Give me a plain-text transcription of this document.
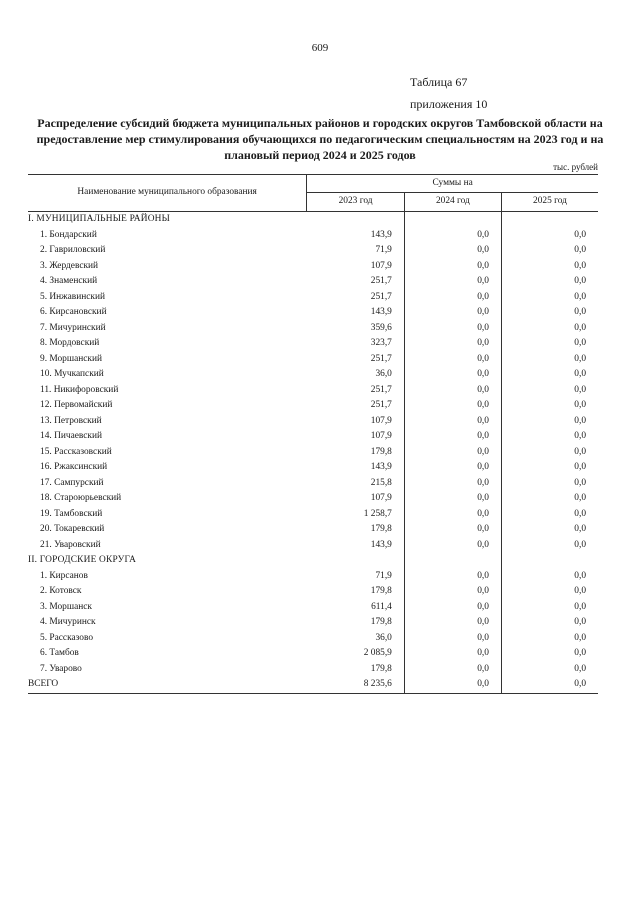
609
Таблица 67
приложения 10
Распределение субсидий бюджета муниципальных районов и городских округов Тамбовской области на предоставление мер стимулирования обучающихся по педагогическим специальностям на 2023 год и на плановый период 2024 и 2025 годов
тыс. рублей
Наименование муниципального образования	Суммы на		
	2023 год	2024 год	2025 год
I. МУНИЦИПАЛЬНЫЕ РАЙОНЫ			
1. Бондарский	143,9	0,0	0,0
2. Гавриловский	71,9	0,0	0,0
3. Жердевский	107,9	0,0	0,0
4. Знаменский	251,7	0,0	0,0
5. Инжавинский	251,7	0,0	0,0
6. Кирсановский	143,9	0,0	0,0
7. Мичуринский	359,6	0,0	0,0
8. Мордовский	323,7	0,0	0,0
9. Моршанский	251,7	0,0	0,0
10. Мучкапский	36,0	0,0	0,0
11. Никифоровский	251,7	0,0	0,0
12. Первомайский	251,7	0,0	0,0
13. Петровский	107,9	0,0	0,0
14. Пичаевский	107,9	0,0	0,0
15. Рассказовский	179,8	0,0	0,0
16. Ржаксинский	143,9	0,0	0,0
17. Сампурский	215,8	0,0	0,0
18. Староюрьевский	107,9	0,0	0,0
19. Тамбовский	1 258,7	0,0	0,0
20. Токаревский	179,8	0,0	0,0
21. Уваровский	143,9	0,0	0,0
II. ГОРОДСКИЕ ОКРУГА			
1. Кирсанов	71,9	0,0	0,0
2. Котовск	179,8	0,0	0,0
3. Моршанск	611,4	0,0	0,0
4. Мичуринск	179,8	0,0	0,0
5. Рассказово	36,0	0,0	0,0
6. Тамбов	2 085,9	0,0	0,0
7. Уварово	179,8	0,0	0,0
ВСЕГО	8 235,6	0,0	0,0
